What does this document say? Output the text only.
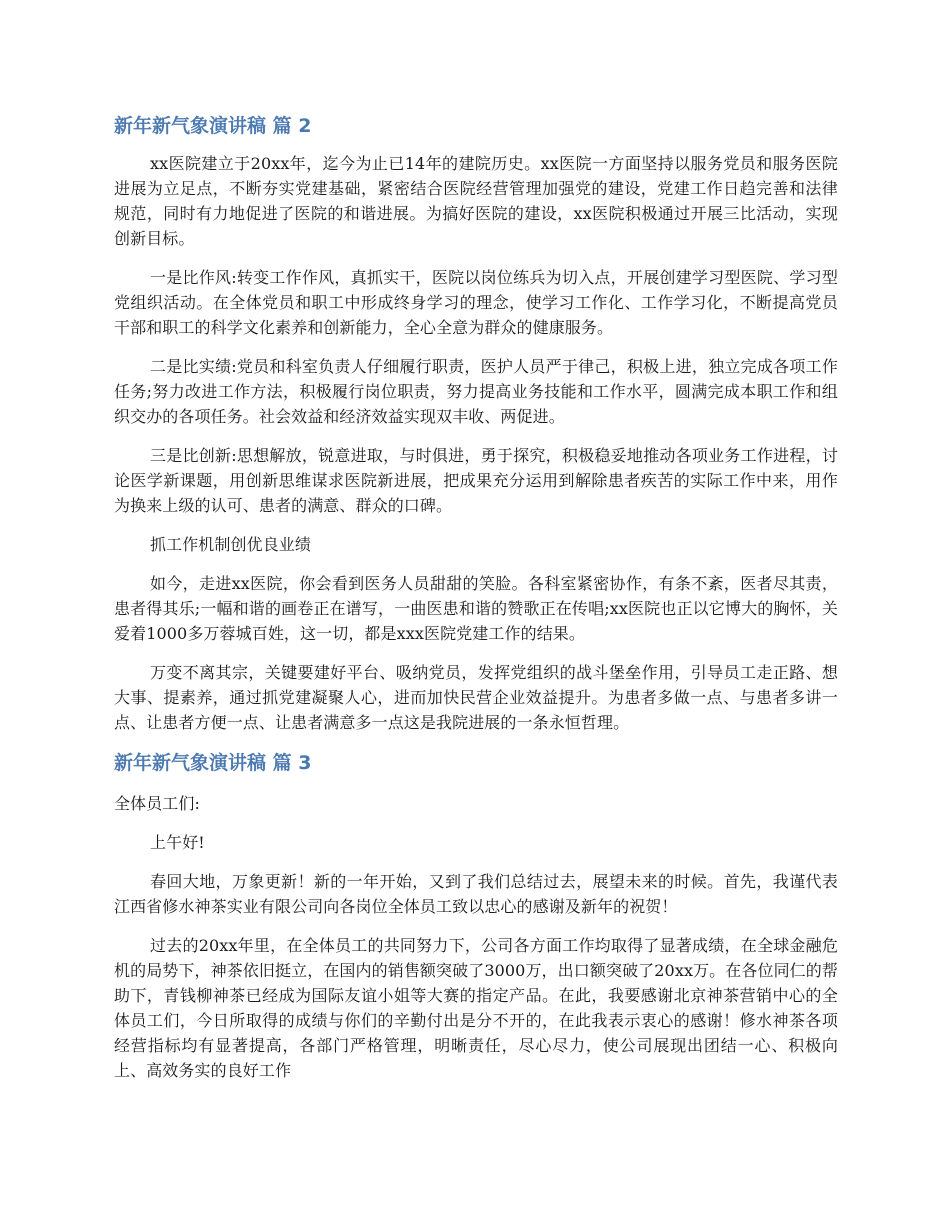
新年新气象演讲稿 篇 2

xx医院建立于20xx年，迄今为止已14年的建院历史。xx医院一方面坚持以服务党员和服务医院进展为立足点，不断夯实党建基础，紧密结合医院经营管理加强党的建设，党建工作日趋完善和法律规范，同时有力地促进了医院的和谐进展。为搞好医院的建设，xx医院积极通过开展三比活动，实现创新目标。

一是比作风:转变工作作风，真抓实干，医院以岗位练兵为切入点，开展创建学习型医院、学习型党组织活动。在全体党员和职工中形成终身学习的理念，使学习工作化、工作学习化，不断提高党员干部和职工的科学文化素养和创新能力，全心全意为群众的健康服务。

二是比实绩:党员和科室负责人仔细履行职责，医护人员严于律己，积极上进，独立完成各项工作任务;努力改进工作方法，积极履行岗位职责，努力提高业务技能和工作水平，圆满完成本职工作和组织交办的各项任务。社会效益和经济效益实现双丰收、两促进。

三是比创新:思想解放，锐意进取，与时俱进，勇于探究，积极稳妥地推动各项业务工作进程，讨论医学新课题，用创新思维谋求医院新进展，把成果充分运用到解除患者疾苦的实际工作中来，用作为换来上级的认可、患者的满意、群众的口碑。

抓工作机制创优良业绩

如今，走进xx医院，你会看到医务人员甜甜的笑脸。各科室紧密协作，有条不紊，医者尽其责，患者得其乐;一幅和谐的画卷正在谱写，一曲医患和谐的赞歌正在传唱;xx医院也正以它博大的胸怀，关爱着1000多万蓉城百姓，这一切，都是xxx医院党建工作的结果。

万变不离其宗，关键要建好平台、吸纳党员，发挥党组织的战斗堡垒作用，引导员工走正路、想大事、提素养，通过抓党建凝聚人心，进而加快民营企业效益提升。为患者多做一点、与患者多讲一点、让患者方便一点、让患者满意多一点这是我院进展的一条永恒哲理。

新年新气象演讲稿 篇 3

全体员工们:

上午好!

春回大地，万象更新！新的一年开始，又到了我们总结过去，展望未来的时候。首先，我谨代表江西省修水神茶实业有限公司向各岗位全体员工致以忠心的感谢及新年的祝贺！

过去的20xx年里，在全体员工的共同努力下，公司各方面工作均取得了显著成绩，在全球金融危机的局势下，神茶依旧挺立，在国内的销售额突破了3000万，出口额突破了20xx万。在各位同仁的帮助下，青钱柳神茶已经成为国际友谊小姐等大赛的指定产品。在此，我要感谢北京神茶营销中心的全体员工们，今日所取得的成绩与你们的辛勤付出是分不开的，在此我表示衷心的感谢！修水神茶各项经营指标均有显著提高，各部门严格管理，明晰责任，尽心尽力，使公司展现出团结一心、积极向上、高效务实的良好工作
